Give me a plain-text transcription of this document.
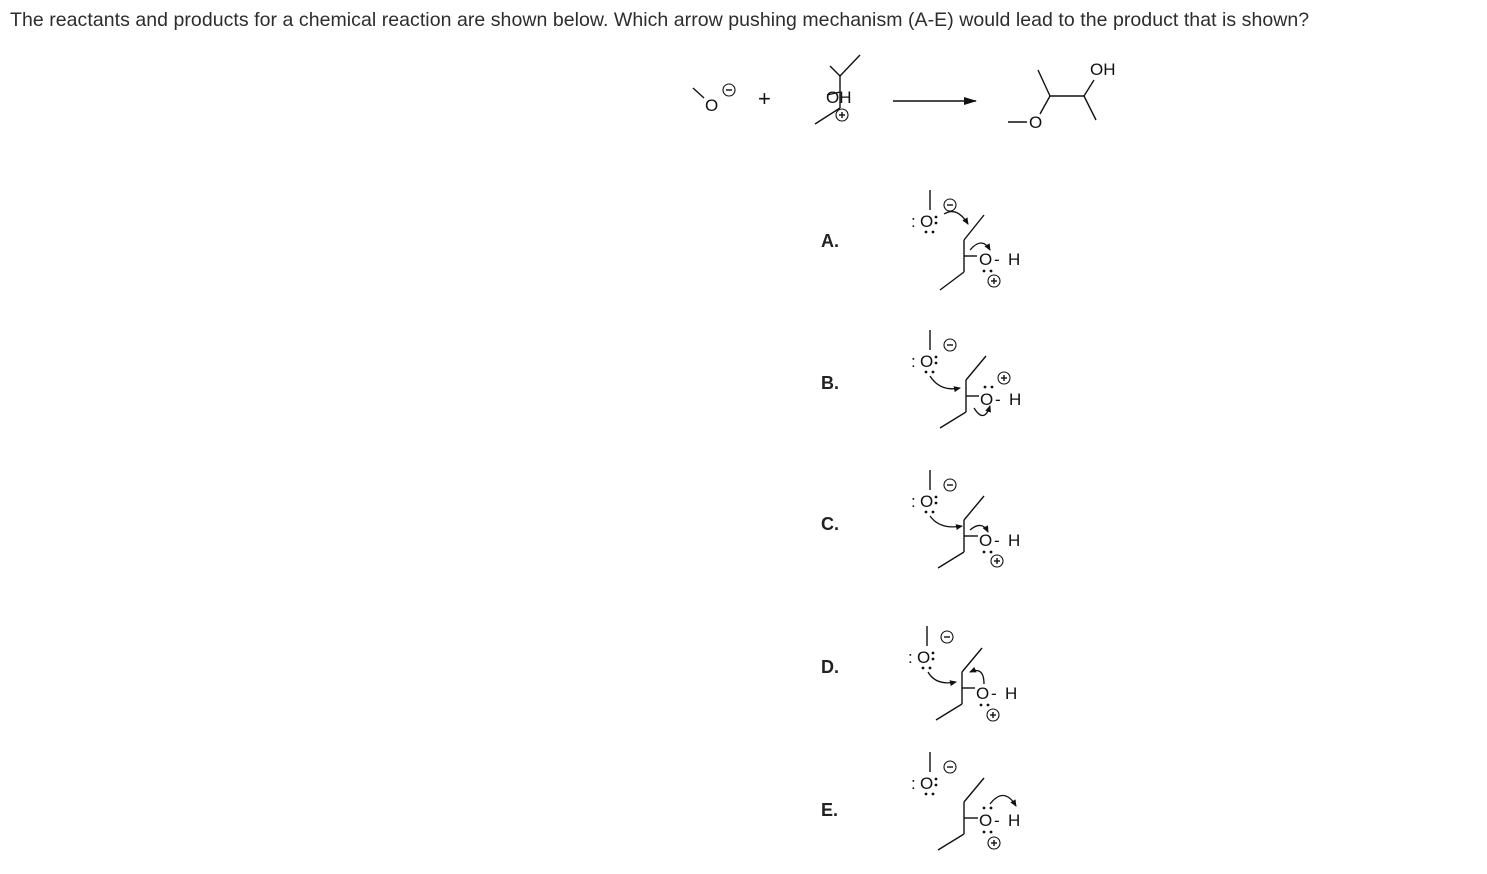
The reactants and products for a chemical reaction are shown below. Which arrow pushing mechanism (A-E) would lead to the product that is shown?
O +	OH
O
OH
A.
: O
O - H
B.
: O
O - H
C.
: O
O - H
D.	: O
O - H
E.
: O
O - H
